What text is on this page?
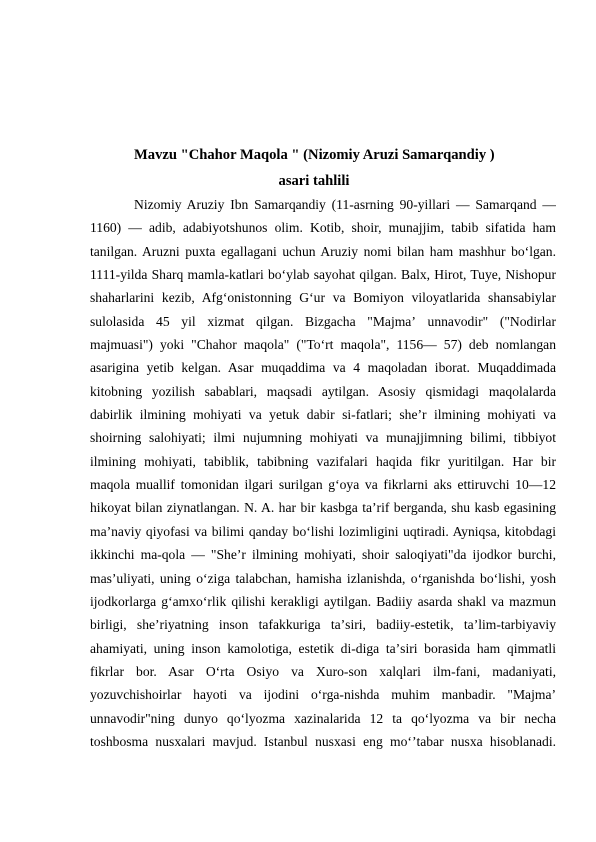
Mavzu "Chahor Maqola " (Nizomiy Aruzi Samarqandiy )
asari tahlili
Nizomiy Aruziy Ibn Samarqandiy (11-asrning 90-yillari — Samarqand —
1160) — adib, adabiyotshunos olim. Kotib, shoir, munajjim, tabib sifatida ham
tanilgan. Aruzni puxta egallagani uchun Aruziy nomi bilan ham mashhur boʻlgan.
1111-yilda Sharq mamla-katlari boʻylab sayohat qilgan. Balx, Hirot, Tuye, Nishopur
shaharlarini kezib, Afgʻonistonning Gʻur va Bomiyon viloyatlarida shansabiylar
sulolasida 45 yil xizmat qilgan. Bizgacha "Majmaʼ unnavodir" ("Nodirlar
majmuasi") yoki "Chahor maqola" ("Toʻrt maqola", 1156— 57) deb nomlangan
asarigina yetib kelgan. Asar muqaddima va 4 maqoladan iborat. Muqaddimada
kitobning yozilish sabablari, maqsadi aytilgan. Asosiy qismidagi maqolalarda
dabirlik ilmining mohiyati va yetuk dabir si-fatlari; sheʼr ilmining mohiyati va
shoirning salohiyati; ilmi nujumning mohiyati va munajjimning bilimi, tibbiyot
ilmining mohiyati, tabiblik, tabibning vazifalari haqida fikr yuritilgan. Har bir
maqola muallif tomonidan ilgari surilgan gʻoya va fikrlarni aks ettiruvchi 10—12
hikoyat bilan ziynatlangan. N. A. har bir kasbga taʼrif berganda, shu kasb egasining
maʼnaviy qiyofasi va bilimi qanday boʻlishi lozimligini uqtiradi. Ayniqsa, kitobdagi
ikkinchi ma-qola — "Sheʼr ilmining mohiyati, shoir saloqiyati"da ijodkor burchi,
masʼuliyati, uning oʻziga talabchan, hamisha izlanishda, oʻrganishda boʻlishi, yosh
ijodkorlarga gʻamxoʻrlik qilishi kerakligi aytilgan. Badiiy asarda shakl va mazmun
birligi, sheʼriyatning inson tafakkuriga taʼsiri, badiiy-estetik, taʼlim-tarbiyaviy
ahamiyati, uning inson kamolotiga, estetik di-diga taʼsiri borasida ham qimmatli
fikrlar bor. Asar Oʻrta Osiyo va Xuro-son xalqlari ilm-fani, madaniyati,
yozuvchishoirlar hayoti va ijodini oʻrga-nishda muhim manbadir. "Majmaʼ
unnavodir"ning dunyo qoʻlyozma xazinalarida 12 ta qoʻlyozma va bir necha
toshbosma nusxalari mavjud. Istanbul nusxasi eng moʻʼtabar nusxa hisoblanadi.
